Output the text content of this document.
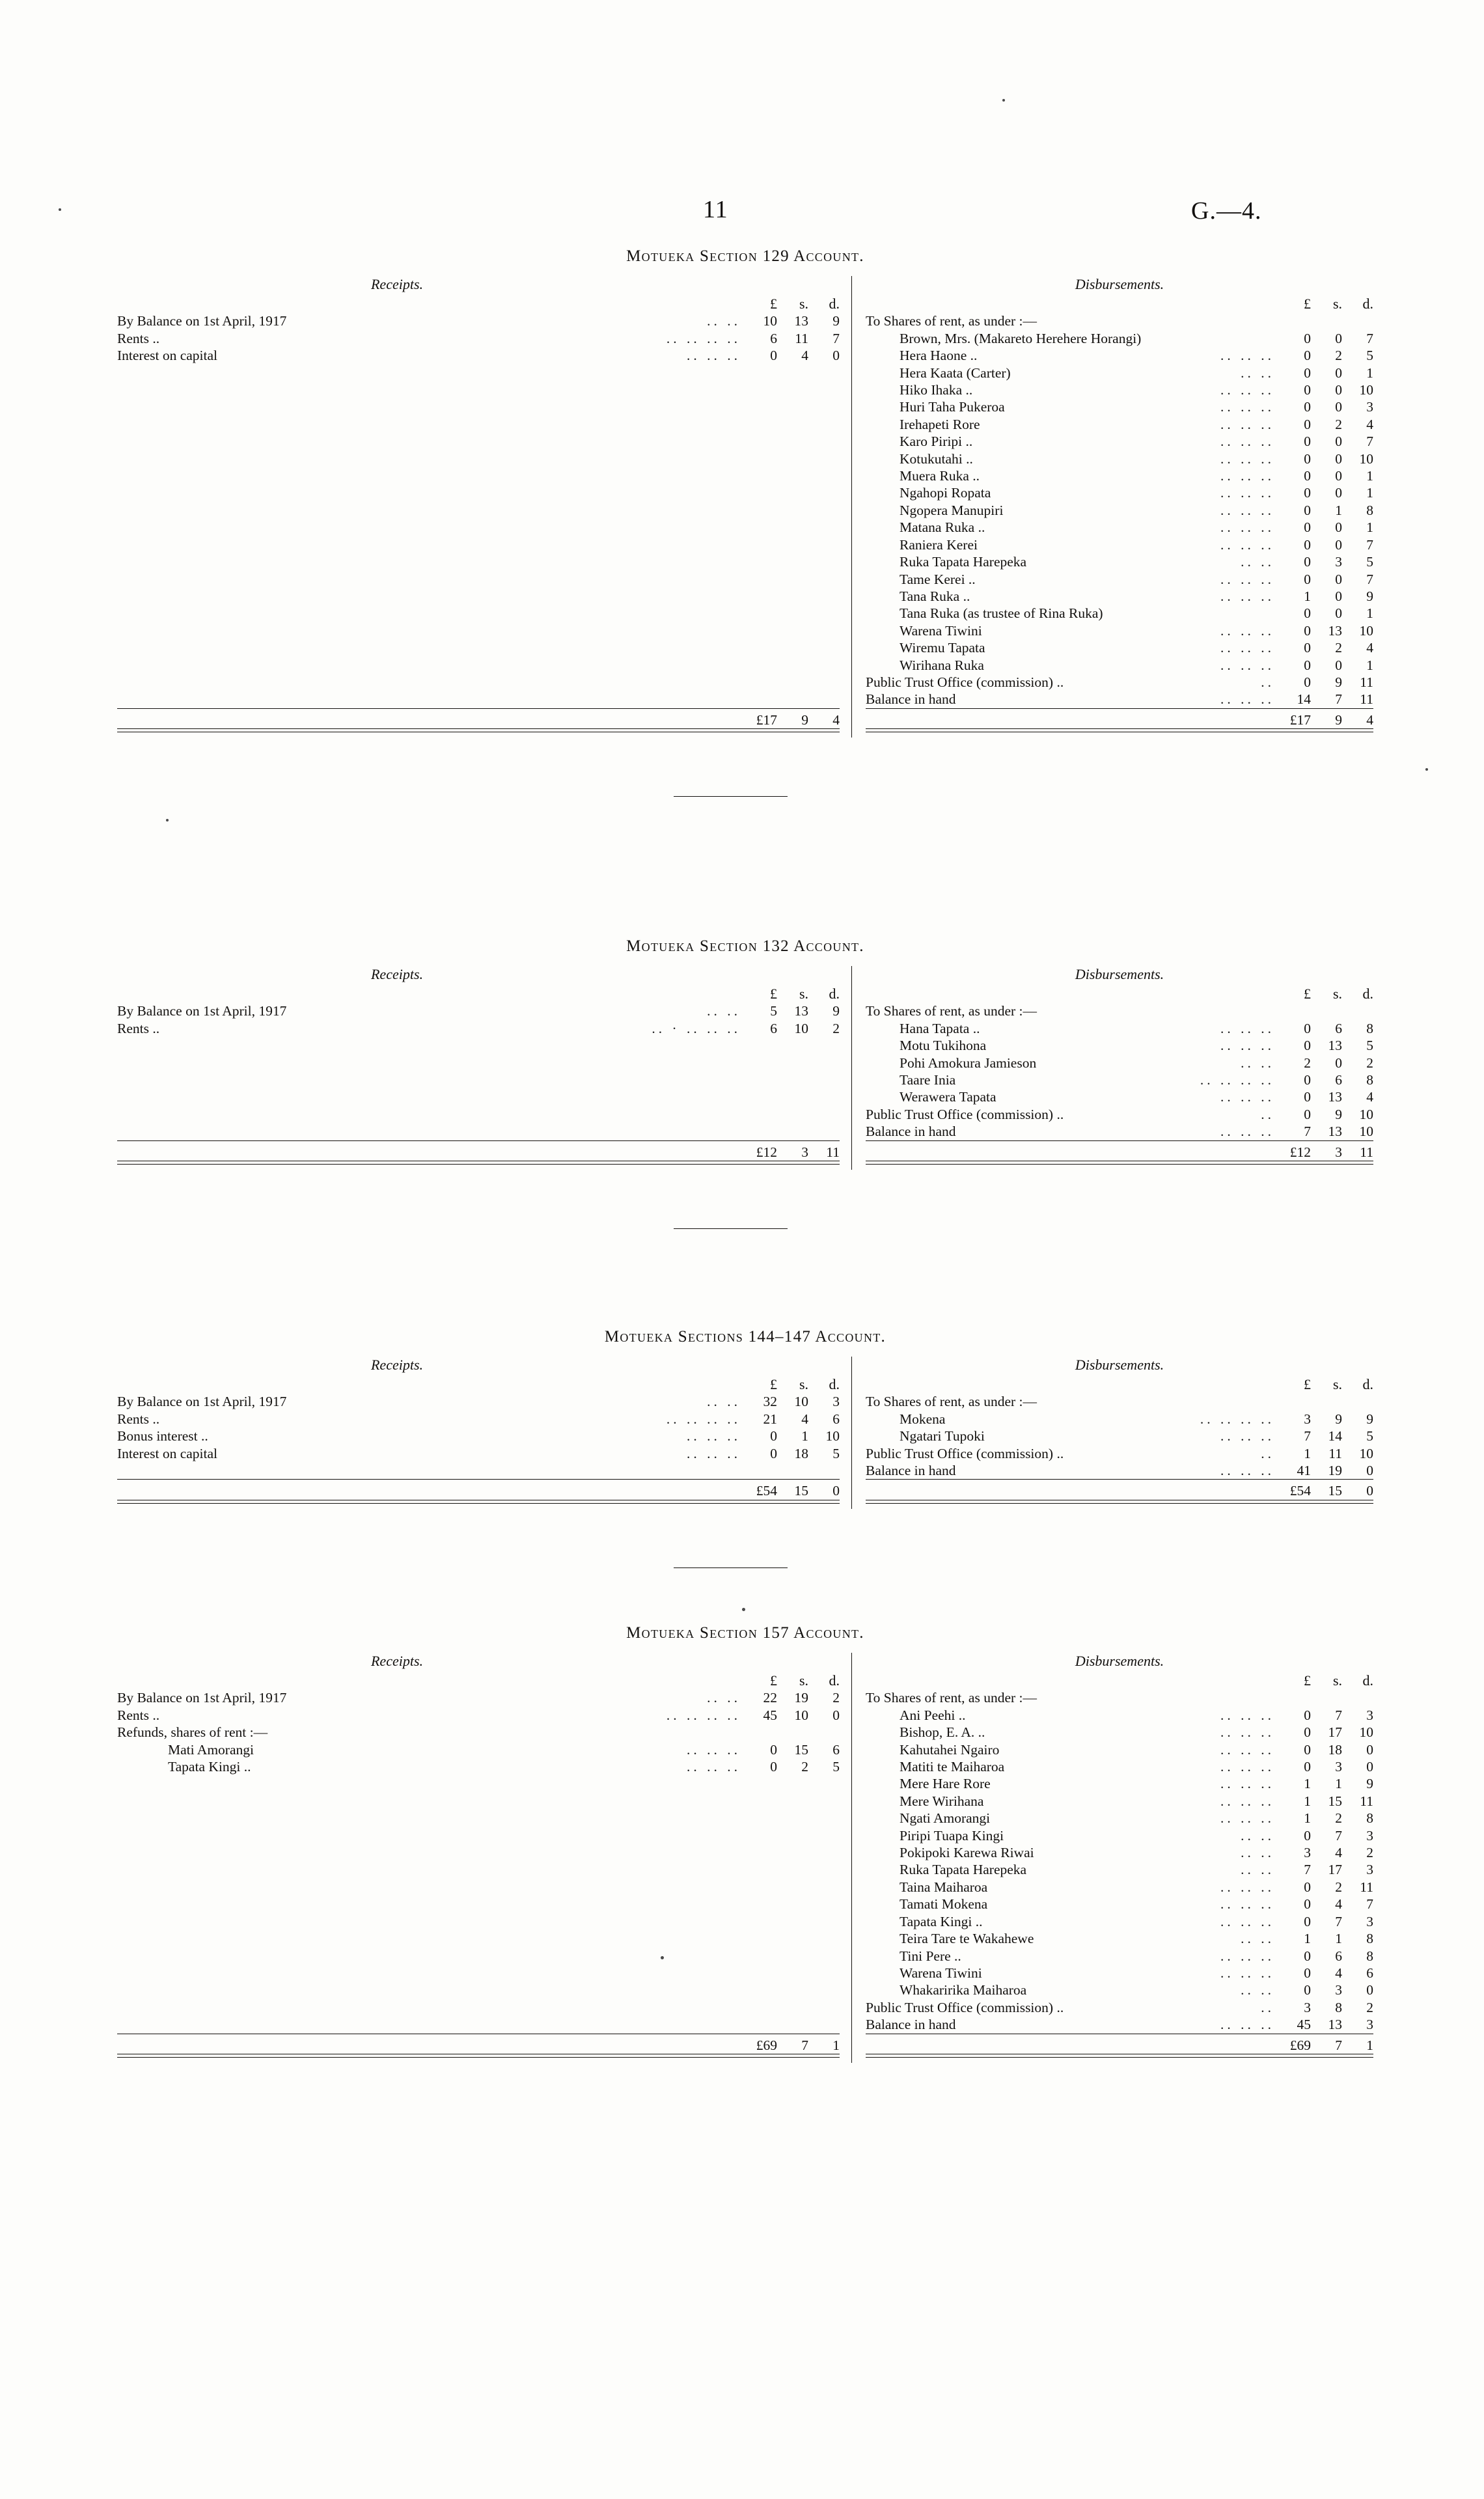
11	G.—4.
Motueka Section 129 Account.
Receipts.
		£	s.	d.
By Balance on 1st April, 1917	.. ..	10	13	9
Rents ..	.. .. .. ..	6	11	7
Interest on capital	.. .. ..	0	4	0

		£17	9	4

Disbursements.
		£	s.	d.
To Shares of rent, as under :—				
Brown, Mrs. (Makareto Herehere Horangi)		0	0	7
Hera Haone ..	.. .. ..	0	2	5
Hera Kaata (Carter)	.. ..	0	0	1
Hiko Ihaka ..	.. .. ..	0	0	10
Huri Taha Pukeroa	.. .. ..	0	0	3
Irehapeti Rore	.. .. ..	0	2	4
Karo Piripi ..	.. .. ..	0	0	7
Kotukutahi ..	.. .. ..	0	0	10
Muera Ruka ..	.. .. ..	0	0	1
Ngahopi Ropata	.. .. ..	0	0	1
Ngopera Manupiri	.. .. ..	0	1	8
Matana Ruka ..	.. .. ..	0	0	1
Raniera Kerei	.. .. ..	0	0	7
Ruka Tapata Harepeka	.. ..	0	3	5
Tame Kerei ..	.. .. ..	0	0	7
Tana Ruka ..	.. .. ..	1	0	9
Tana Ruka (as trustee of Rina Ruka)		0	0	1
Warena Tiwini	.. .. ..	0	13	10
Wiremu Tapata	.. .. ..	0	2	4
Wirihana Ruka	.. .. ..	0	0	1
Public Trust Office (commission) ..	..	0	9	11
Balance in hand	.. .. ..	14	7	11

		£17	9	4

Motueka Section 132 Account.
Receipts.
		£	s.	d.
By Balance on 1st April, 1917	.. ..	5	13	9
Rents ..	.. · .. .. ..	6	10	2

		£12	3	11

Disbursements.
		£	s.	d.
To Shares of rent, as under :—				
Hana Tapata ..	.. .. ..	0	6	8
Motu Tukihona	.. .. ..	0	13	5
Pohi Amokura Jamieson	.. ..	2	0	2
Taare Inia	.. .. .. ..	0	6	8
Werawera Tapata	.. .. ..	0	13	4
Public Trust Office (commission) ..	..	0	9	10
Balance in hand	.. .. ..	7	13	10

		£12	3	11

Motueka Sections 144–147 Account.
Receipts.
		£	s.	d.
By Balance on 1st April, 1917	.. ..	32	10	3
Rents ..	.. .. .. ..	21	4	6
Bonus interest ..	.. .. ..	0	1	10
Interest on capital	.. .. ..	0	18	5

		£54	15	0

Disbursements.
		£	s.	d.
To Shares of rent, as under :—				
Mokena	.. .. .. ..	3	9	9
Ngatari Tupoki	.. .. ..	7	14	5
Public Trust Office (commission) ..	..	1	11	10
Balance in hand	.. .. ..	41	19	0

		£54	15	0

Motueka Section 157 Account.
Receipts.
		£	s.	d.
By Balance on 1st April, 1917	.. ..	22	19	2
Rents ..	.. .. .. ..	45	10	0
Refunds, shares of rent :—				
Mati Amorangi	.. .. ..	0	15	6
Tapata Kingi ..	.. .. ..	0	2	5

		£69	7	1

Disbursements.
		£	s.	d.
To Shares of rent, as under :—				
Ani Peehi ..	.. .. ..	0	7	3
Bishop, E. A. ..	.. .. ..	0	17	10
Kahutahei Ngairo	.. .. ..	0	18	0
Matiti te Maiharoa	.. .. ..	0	3	0
Mere Hare Rore	.. .. ..	1	1	9
Mere Wirihana	.. .. ..	1	15	11
Ngati Amorangi	.. .. ..	1	2	8
Piripi Tuapa Kingi	.. ..	0	7	3
Pokipoki Karewa Riwai	.. ..	3	4	2
Ruka Tapata Harepeka	.. ..	7	17	3
Taina Maiharoa	.. .. ..	0	2	11
Tamati Mokena	.. .. ..	0	4	7
Tapata Kingi ..	.. .. ..	0	7	3
Teira Tare te Wakahewe	.. ..	1	1	8
Tini Pere ..	.. .. ..	0	6	8
Warena Tiwini	.. .. ..	0	4	6
Whakaririka Maiharoa	.. ..	0	3	0
Public Trust Office (commission) ..	..	3	8	2
Balance in hand	.. .. ..	45	13	3

		£69	7	1
